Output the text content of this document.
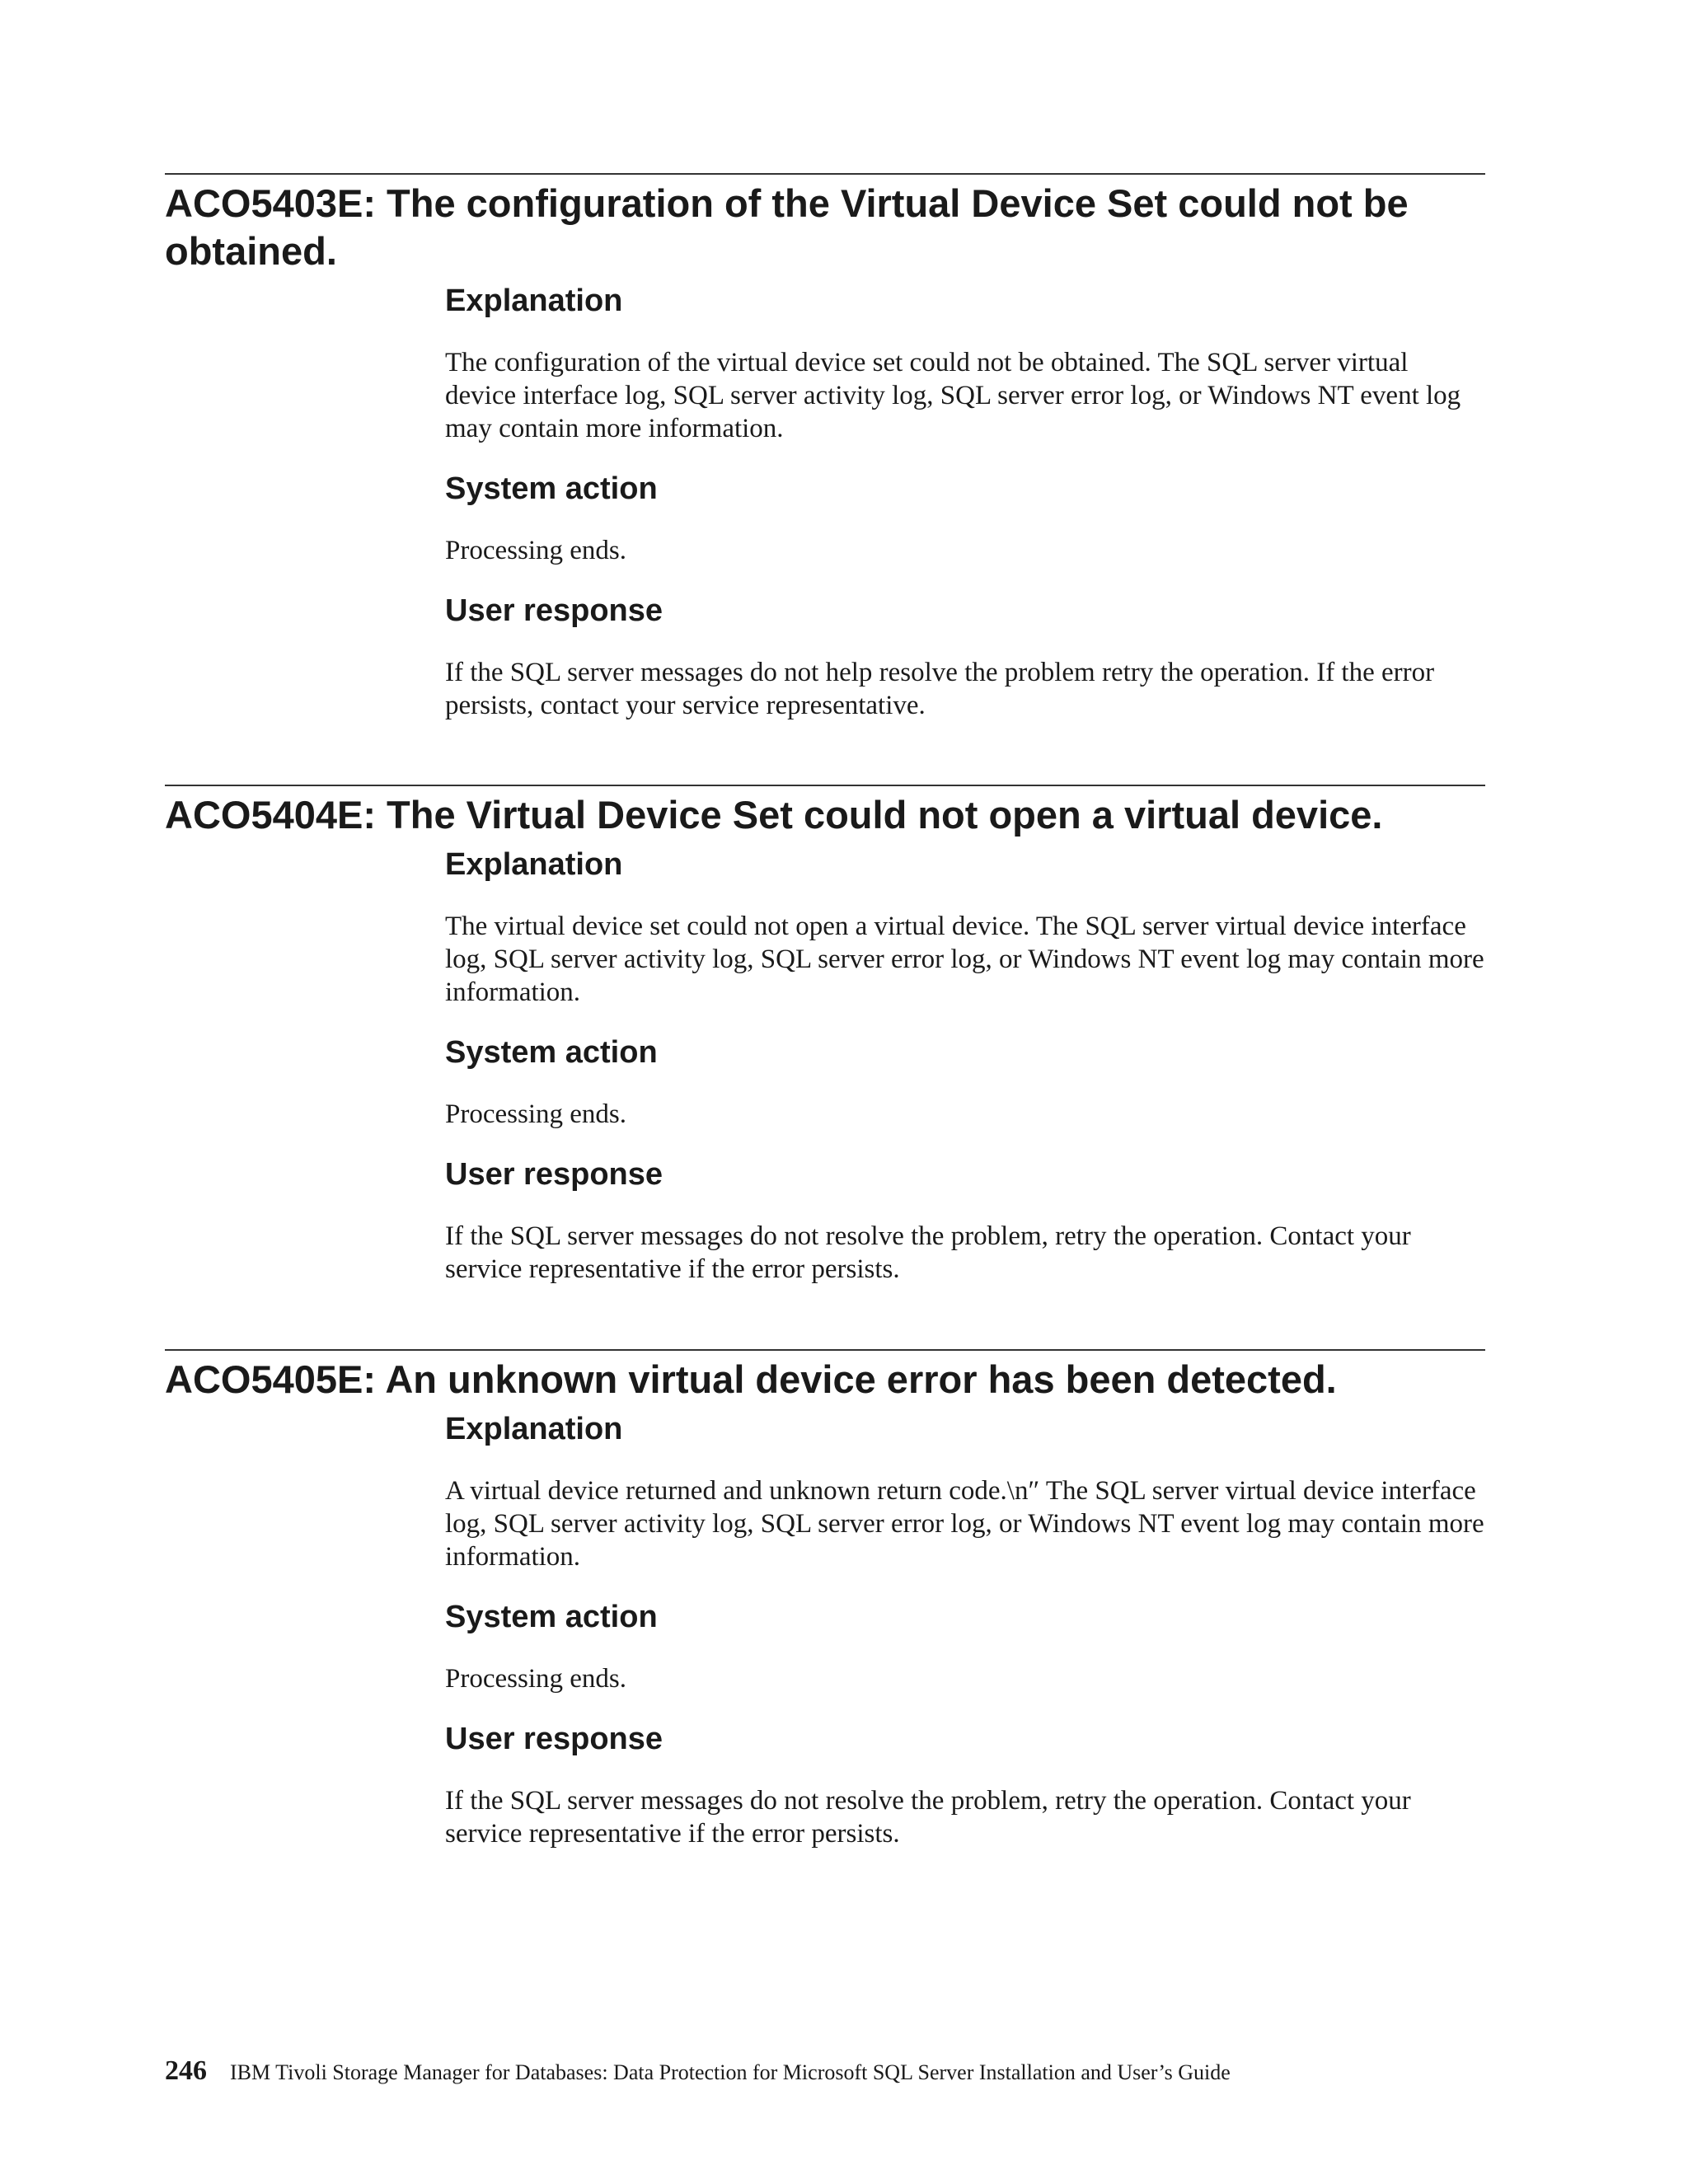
ACO5403E: The configuration of the Virtual Device Set could not be obtained.
Explanation

The configuration of the virtual device set could not be obtained. The SQL server virtual device interface log, SQL server activity log, SQL server error log, or Windows NT event log may contain more information.

System action

Processing ends.

User response

If the SQL server messages do not help resolve the problem retry the operation. If the error persists, contact your service representative.

ACO5404E: The Virtual Device Set could not open a virtual device.
Explanation

The virtual device set could not open a virtual device. The SQL server virtual device interface log, SQL server activity log, SQL server error log, or Windows NT event log may contain more information.

System action

Processing ends.

User response

If the SQL server messages do not resolve the problem, retry the operation. Contact your service representative if the error persists.

ACO5405E: An unknown virtual device error has been detected.
Explanation

A virtual device returned and unknown return code.\n″ The SQL server virtual device interface log, SQL server activity log, SQL server error log, or Windows NT event log may contain more information.

System action

Processing ends.

User response

If the SQL server messages do not resolve the problem, retry the operation. Contact your service representative if the error persists.

246 IBM Tivoli Storage Manager for Databases: Data Protection for Microsoft SQL Server Installation and User’s Guide
